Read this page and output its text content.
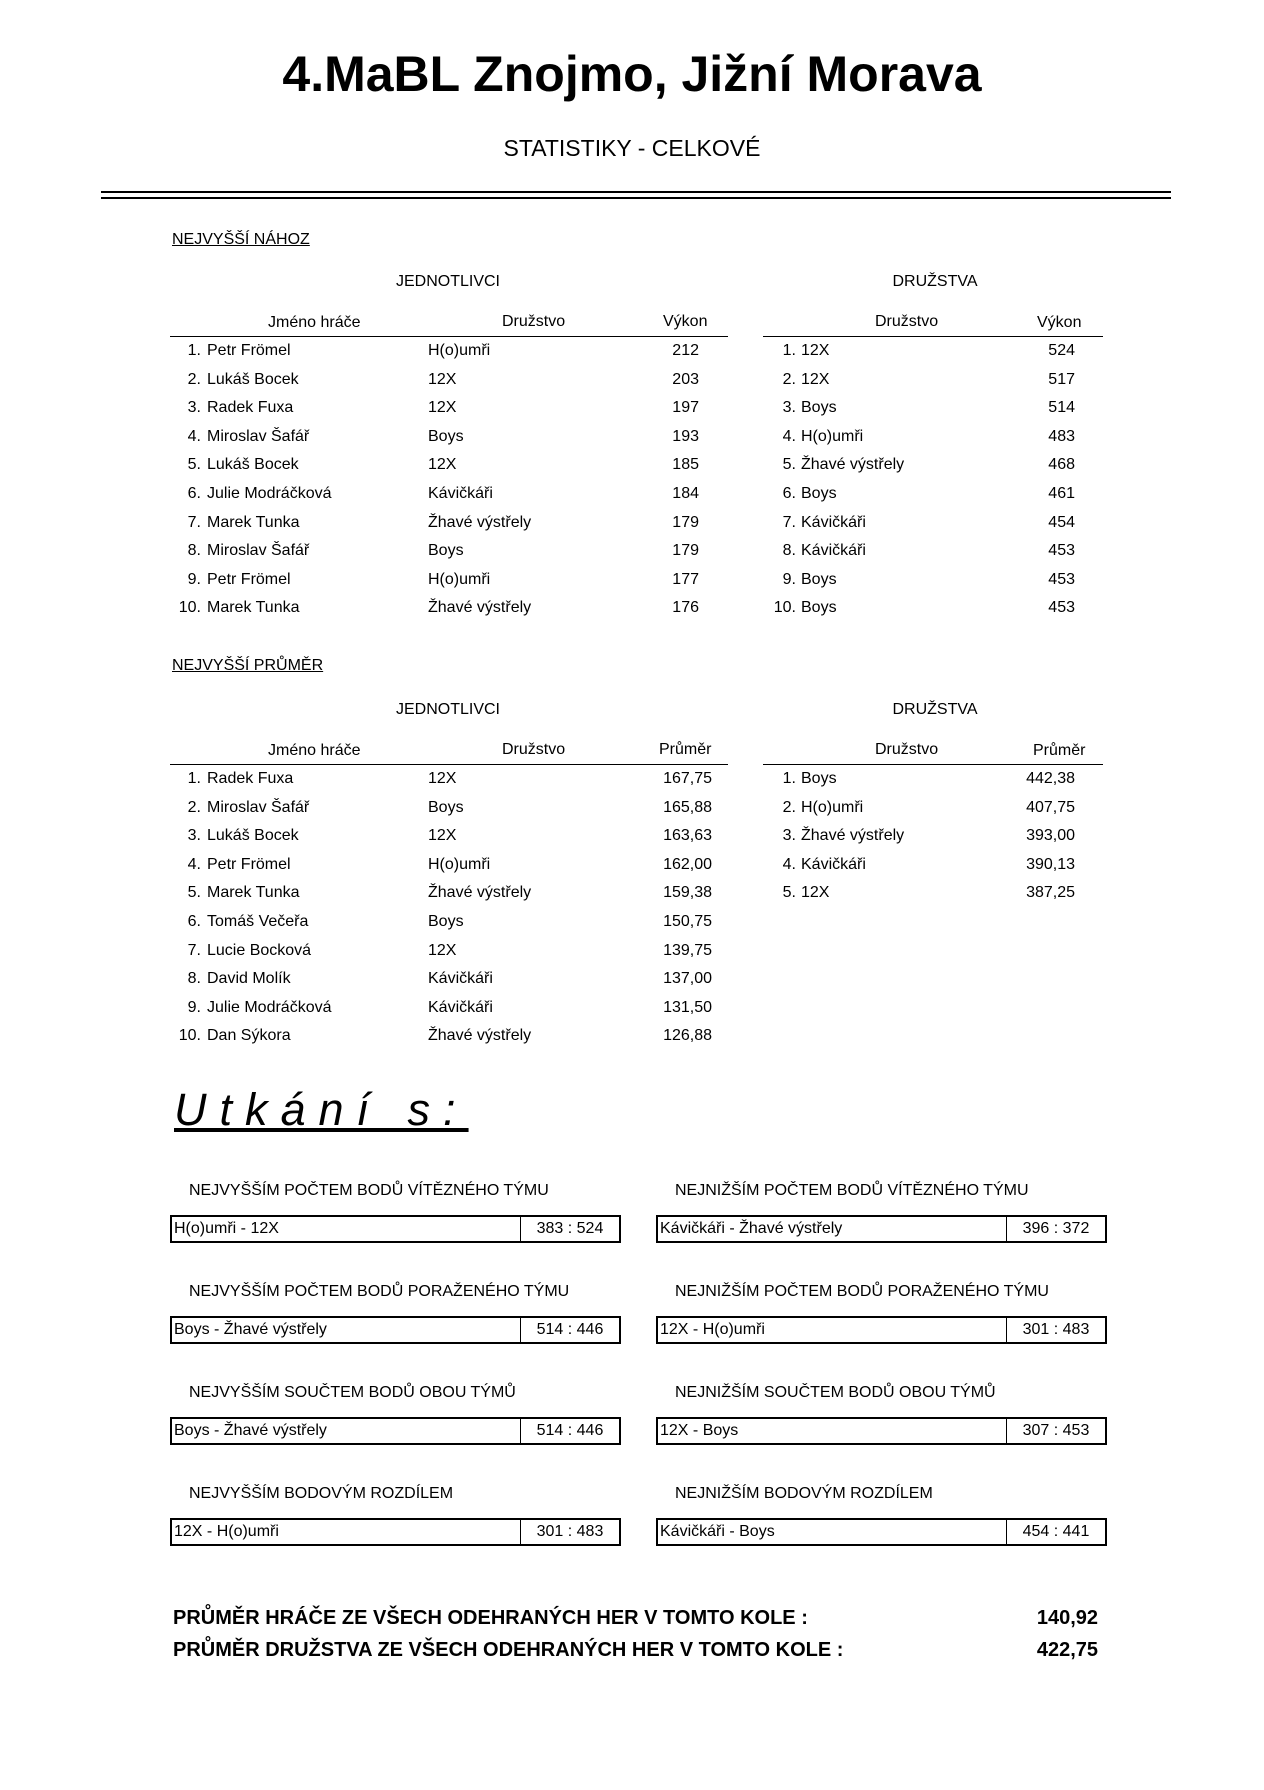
4.MaBL Znojmo, Jižní Morava
STATISTIKY - CELKOVÉ
NEJVYŠŠÍ NÁHOZ
JEDNOTLIVCI	DRUŽSTVA
Jméno hráče	Družstvo	Výkon	Družstvo	Výkon
1. Petr Frömel	H(o)umři	212
2. Lukáš Bocek	12X	203
3. Radek Fuxa	12X	197
4. Miroslav Šafář	Boys	193
5. Lukáš Bocek	12X	185
6. Julie Modráčková	Kávičkáři	184
7. Marek Tunka	Žhavé výstřely	179
8. Miroslav Šafář	Boys	179
9. Petr Frömel	H(o)umři	177
10. Marek Tunka	Žhavé výstřely	176
1. 12X	524
2. 12X	517
3. Boys	514
4. H(o)umři	483
5. Žhavé výstřely	468
6. Boys	461
7. Kávičkáři	454
8. Kávičkáři	453
9. Boys	453
10. Boys	453
NEJVYŠŠÍ PRŮMĚR
JEDNOTLIVCI	DRUŽSTVA
Jméno hráče	Družstvo	Průměr	Družstvo	Průměr
1. Radek Fuxa	12X	167,75
2. Miroslav Šafář	Boys	165,88
3. Lukáš Bocek	12X	163,63
4. Petr Frömel	H(o)umři	162,00
5. Marek Tunka	Žhavé výstřely	159,38
6. Tomáš Večeřa	Boys	150,75
7. Lucie Bocková	12X	139,75
8. David Molík	Kávičkáři	137,00
9. Julie Modráčková	Kávičkáři	131,50
10. Dan Sýkora	Žhavé výstřely	126,88
1. Boys	442,38
2. H(o)umři	407,75
3. Žhavé výstřely	393,00
4. Kávičkáři	390,13
5. 12X	387,25
Utkání s:
NEJVYŠŠÍM POČTEM BODŮ VÍTĚZNÉHO TÝMU
H(o)umři - 12X	383 : 524
NEJNIŽŠÍM POČTEM BODŮ VÍTĚZNÉHO TÝMU
Kávičkáři - Žhavé výstřely	396 : 372
NEJVYŠŠÍM POČTEM BODŮ PORAŽENÉHO TÝMU
Boys - Žhavé výstřely	514 : 446
NEJNIŽŠÍM POČTEM BODŮ PORAŽENÉHO TÝMU
12X - H(o)umři	301 : 483
NEJVYŠŠÍM SOUČTEM BODŮ OBOU TÝMŮ
Boys - Žhavé výstřely	514 : 446
NEJNIŽŠÍM SOUČTEM BODŮ OBOU TÝMŮ
12X - Boys	307 : 453
NEJVYŠŠÍM BODOVÝM ROZDÍLEM
12X - H(o)umři	301 : 483
NEJNIŽŠÍM BODOVÝM ROZDÍLEM
Kávičkáři - Boys	454 : 441
PRŮMĚR HRÁČE ZE VŠECH ODEHRANÝCH HER V TOMTO KOLE :	140,92
PRŮMĚR DRUŽSTVA ZE VŠECH ODEHRANÝCH HER V TOMTO KOLE :	422,75
